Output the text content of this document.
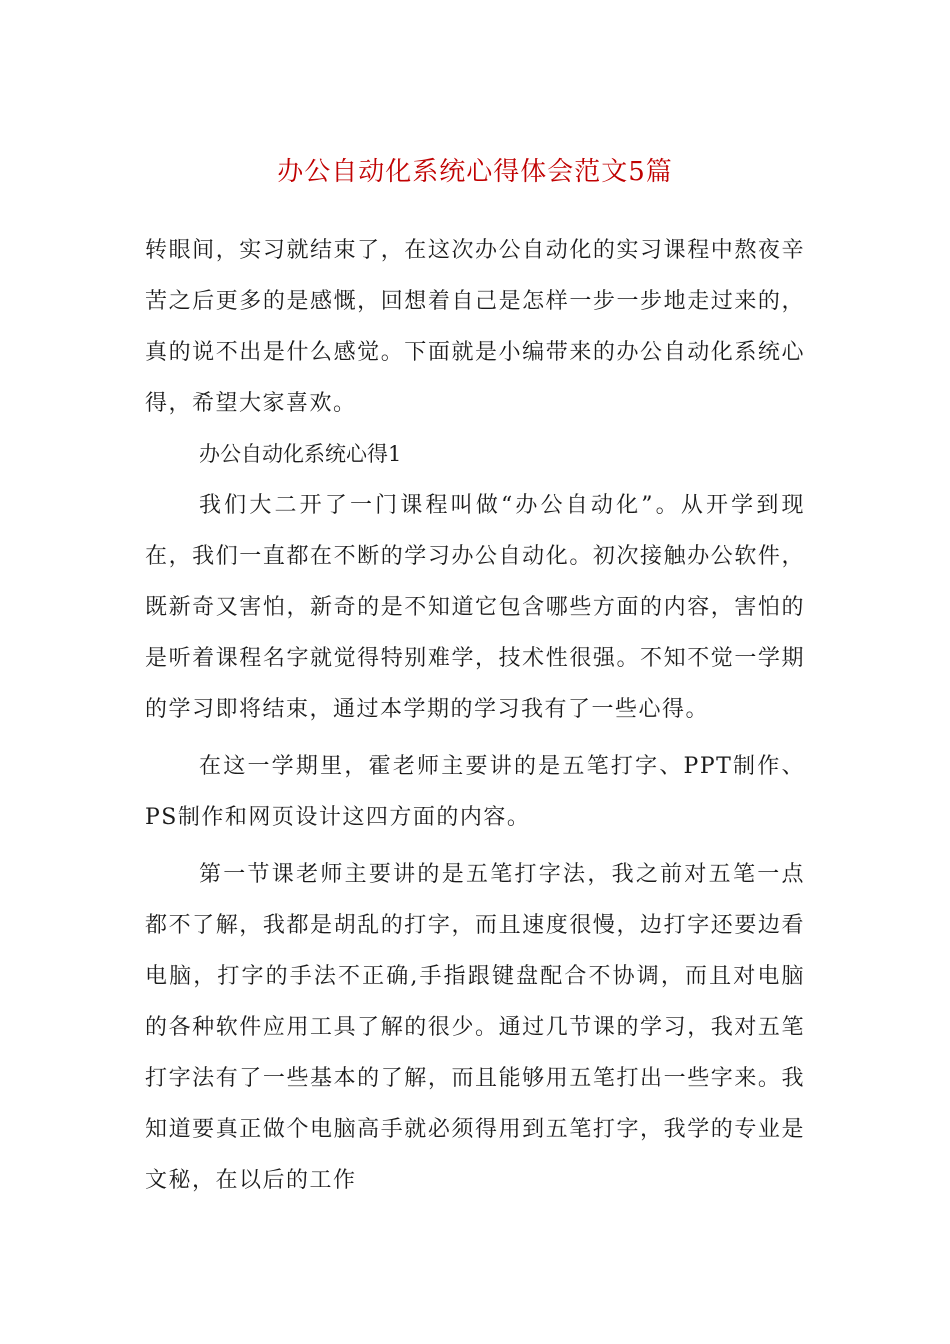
办公自动化系统心得体会范文5篇

转眼间，实习就结束了，在这次办公自动化的实习课程中熬夜辛苦之后更多的是感慨，回想着自己是怎样一步一步地走过来的，真的说不出是什么感觉。下面就是小编带来的办公自动化系统心得，希望大家喜欢。

办公自动化系统心得1

我们大二开了一门课程叫做“办公自动化”。从开学到现在，我们一直都在不断的学习办公自动化。初次接触办公软件，既新奇又害怕，新奇的是不知道它包含哪些方面的内容，害怕的是听着课程名字就觉得特别难学，技术性很强。不知不觉一学期的学习即将结束，通过本学期的学习我有了一些心得。

在这一学期里，霍老师主要讲的是五笔打字、PPT制作、PS制作和网页设计这四方面的内容。

第一节课老师主要讲的是五笔打字法，我之前对五笔一点都不了解，我都是胡乱的打字，而且速度很慢，边打字还要边看电脑，打字的手法不正确,手指跟键盘配合不协调，而且对电脑的各种软件应用工具了解的很少。通过几节课的学习，我对五笔打字法有了一些基本的了解，而且能够用五笔打出一些字来。我知道要真正做个电脑高手就必须得用到五笔打字，我学的专业是文秘，在以后的工作
